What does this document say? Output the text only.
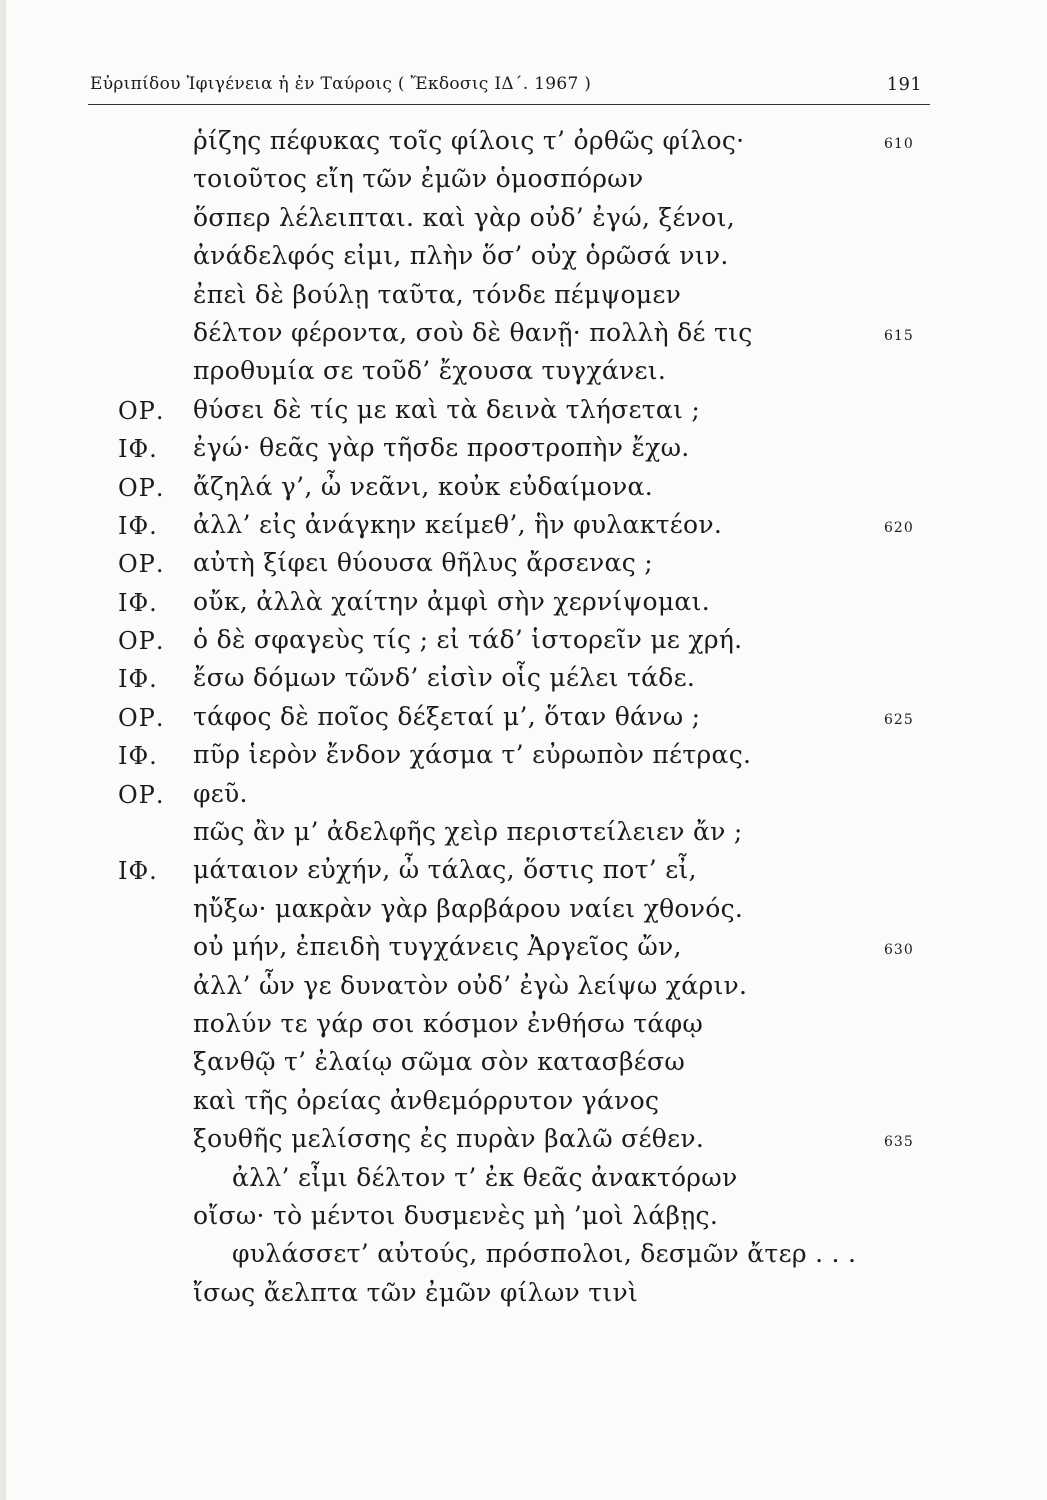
Εὐριπίδου Ἰφιγένεια ἡ ἐν Ταύροις ( Ἔκδοσις ΙΔ΄. 1967 )	191
ῥίζης πέφυκας τοῖς φίλοις τ’ ὀρθῶς φίλος·	610
τοιοῦτος εἴη τῶν ἐμῶν ὁμοσπόρων
ὅσπερ λέλειπται. καὶ γὰρ οὐδ’ ἐγώ, ξένοι,
ἀνάδελφός εἰμι, πλὴν ὅσ’ οὐχ ὁρῶσά νιν.
ἐπεὶ δὲ βούλῃ ταῦτα, τόνδε πέμψομεν
δέλτον φέροντα, σοὺ δὲ θανῇ· πολλὴ δέ τις	615
προθυμία σε τοῦδ’ ἔχουσα τυγχάνει.
ΟΡ. θύσει δὲ τίς με καὶ τὰ δεινὰ τλήσεται ;
ΙΦ. ἐγώ· θεᾶς γὰρ τῆσδε προστροπὴν ἔχω.
ΟΡ. ἄζηλά γ’, ὦ νεᾶνι, κοὐκ εὐδαίμονα.
ΙΦ. ἀλλ’ εἰς ἀνάγκην κείμεθ’, ἣν φυλακτέον.	620
ΟΡ. αὐτὴ ξίφει θύουσα θῆλυς ἄρσενας ;
ΙΦ. οὔκ, ἀλλὰ χαίτην ἀμφὶ σὴν χερνίψομαι.
ΟΡ. ὁ δὲ σφαγεὺς τίς ; εἰ τάδ’ ἱστορεῖν με χρή.
ΙΦ. ἔσω δόμων τῶνδ’ εἰσὶν οἷς μέλει τάδε.
ΟΡ. τάφος δὲ ποῖος δέξεταί μ’, ὅταν θάνω ;	625
ΙΦ. πῦρ ἱερὸν ἔνδον χάσμα τ’ εὐρωπὸν πέτρας.
ΟΡ. φεῦ.
πῶς ἂν μ’ ἀδελφῆς χεὶρ περιστείλειεν ἄν ;
ΙΦ. μάταιον εὐχήν, ὦ τάλας, ὅστις ποτ’ εἶ,
ηὔξω· μακρὰν γὰρ βαρβάρου ναίει χθονός.
οὐ μήν, ἐπειδὴ τυγχάνεις Ἀργεῖος ὤν,	630
ἀλλ’ ὧν γε δυνατὸν οὐδ’ ἐγὼ λείψω χάριν.
πολύν τε γάρ σοι κόσμον ἐνθήσω τάφῳ
ξανθῷ τ’ ἐλαίῳ σῶμα σὸν κατασβέσω
καὶ τῆς ὀρείας ἀνθεμόρρυτον γάνος
ξουθῆς μελίσσης ἐς πυρὰν βαλῶ σέθεν.	635
ἀλλ’ εἶμι δέλτον τ’ ἐκ θεᾶς ἀνακτόρων
οἴσω· τὸ μέντοι δυσμενὲς μὴ ’μοὶ λάβῃς.
φυλάσσετ’ αὐτούς, πρόσπολοι, δεσμῶν ἄτερ . . .
ἴσως ἄελπτα τῶν ἐμῶν φίλων τινὶ
